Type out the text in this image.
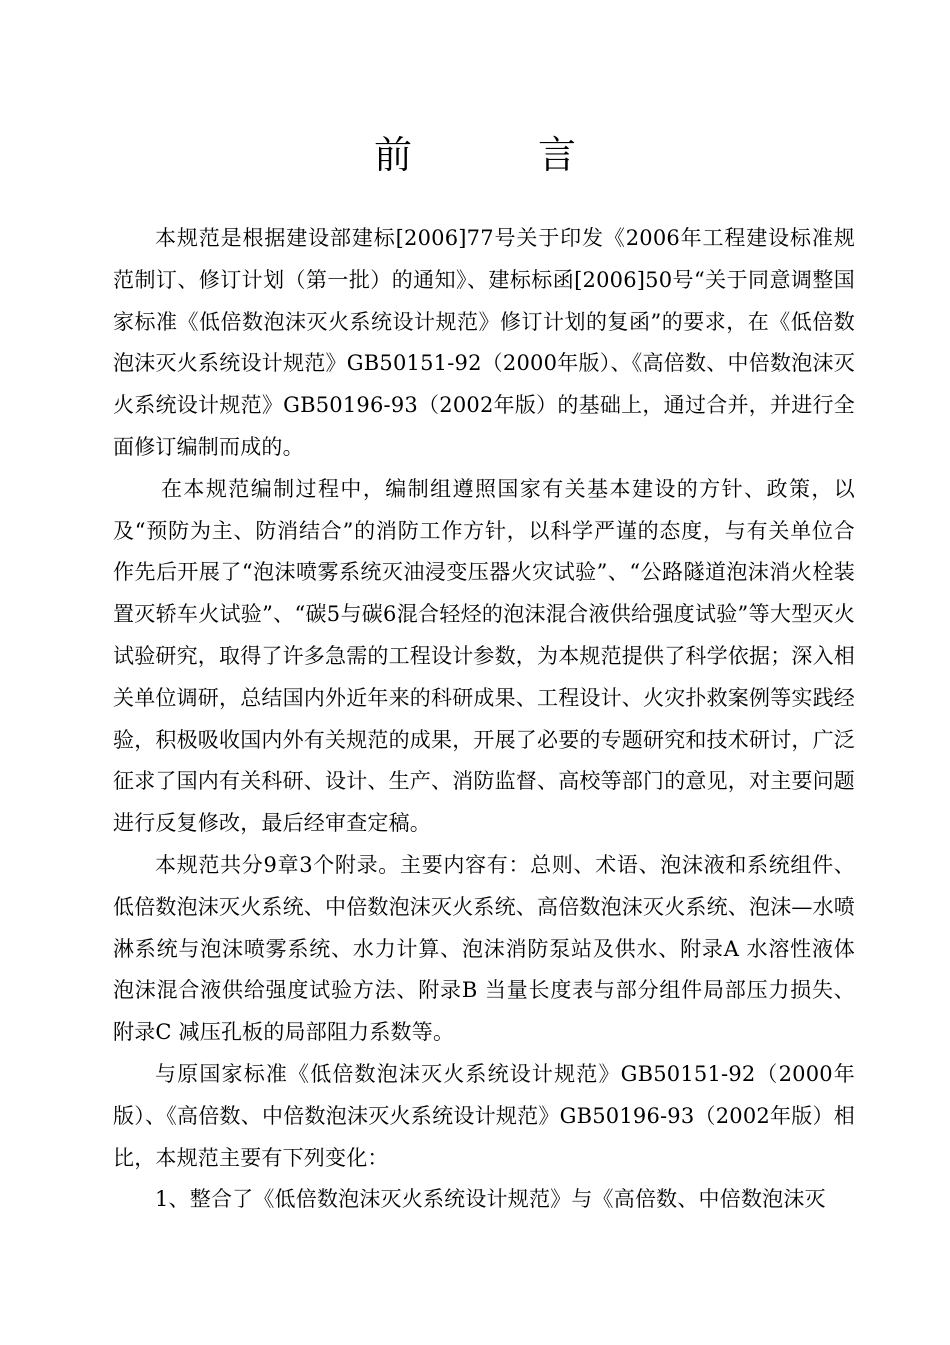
前　言

本规范是根据建设部建标[2006]77号关于印发《2006年工程建设标准规范制订、修订计划（第一批）的通知》、建标标函[2006]50号“关于同意调整国家标准《低倍数泡沫灭火系统设计规范》修订计划的复函”的要求，在《低倍数泡沫灭火系统设计规范》GB50151-92（2000年版）、《高倍数、中倍数泡沫灭火系统设计规范》GB50196-93（2002年版）的基础上，通过合并，并进行全面修订编制而成的。

在本规范编制过程中，编制组遵照国家有关基本建设的方针、政策，以及“预防为主、防消结合”的消防工作方针，以科学严谨的态度，与有关单位合作先后开展了“泡沫喷雾系统灭油浸变压器火灾试验”、“公路隧道泡沫消火栓装置灭轿车火试验”、“碳5与碳6混合轻烃的泡沫混合液供给强度试验”等大型灭火试验研究，取得了许多急需的工程设计参数，为本规范提供了科学依据；深入相关单位调研，总结国内外近年来的科研成果、工程设计、火灾扑救案例等实践经验，积极吸收国内外有关规范的成果，开展了必要的专题研究和技术研讨，广泛征求了国内有关科研、设计、生产、消防监督、高校等部门的意见，对主要问题进行反复修改，最后经审查定稿。

本规范共分9章3个附录。主要内容有：总则、术语、泡沫液和系统组件、低倍数泡沫灭火系统、中倍数泡沫灭火系统、高倍数泡沫灭火系统、泡沫—水喷淋系统与泡沫喷雾系统、水力计算、泡沫消防泵站及供水、附录A 水溶性液体泡沫混合液供给强度试验方法、附录B 当量长度表与部分组件局部压力损失、附录C 减压孔板的局部阻力系数等。

与原国家标准《低倍数泡沫灭火系统设计规范》GB50151-92（2000年版）、《高倍数、中倍数泡沫灭火系统设计规范》GB50196-93（2002年版）相比，本规范主要有下列变化：

1、整合了《低倍数泡沫灭火系统设计规范》与《高倍数、中倍数泡沫灭
